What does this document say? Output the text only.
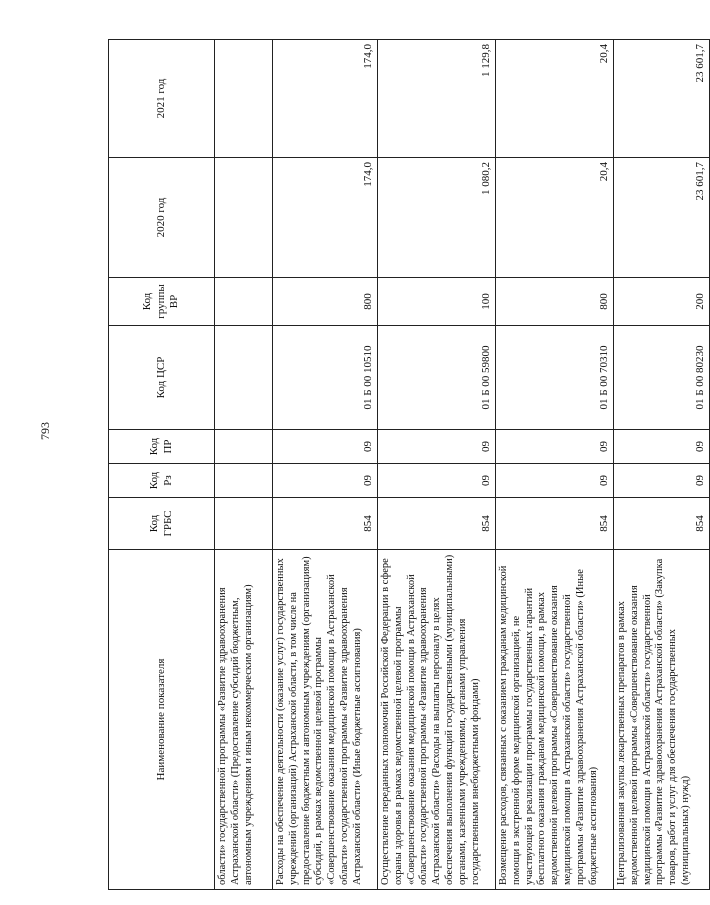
793
Наименование показателя	Код ГРБС	Код Рз	Код ПР	Код ЦСР	Код группы ВР	2020 год	2021 год
области» государственной программы «Развитие здравоохранения Астраханской области» (Предоставление субсидий бюджетным, автономным учреждениям и иным некоммерческим организациям)							
Расходы на обеспечение деятельности (оказание услуг) государственных учреждений (организаций) Астраханской области, в том числе на предоставление бюджетным и автономным учреждениям (организациям) субсидий, в рамках ведомственной целевой программы «Совершенствование оказания медицинской помощи в Астраханской области» государственной программы «Развитие здравоохранения Астраханской области» (Иные бюджетные ассигнования)	854	09	09	01 Б 00 10510	800	174,0	174,0
Осуществление переданных полномочий Российской Федерации в сфере охраны здоровья в рамках ведомственной целевой программы «Совершенствование оказания медицинской помощи в Астраханской области» государственной программы «Развитие здравоохранения Астраханской области» (Расходы на выплаты персоналу в целях обеспечения выполнения функций государственными (муниципальными) органами, казенными учреждениями, органами управления государственными внебюджетными фондами)	854	09	09	01 Б 00 59800	100	1 080,2	1 129,8
Возмещение расходов, связанных с оказанием гражданам медицинской помощи в экстренной форме медицинской организацией, не участвующей в реализации программы государственных гарантий бесплатного оказания гражданам медицинской помощи, в рамках ведомственной целевой программы «Совершенствование оказания медицинской помощи в Астраханской области» государственной программы «Развитие здравоохранения Астраханской области» (Иные бюджетные ассигнования)	854	09	09	01 Б 00 70310	800	20,4	20,4
Централизованная закупка лекарственных препаратов в рамках ведомственной целевой программы «Совершенствование оказания медицинской помощи в Астраханской области» государственной программы «Развитие здравоохранения Астраханской области» (Закупка товаров, работ и услуг для обеспечения государственных (муниципальных) нужд)	854	09	09	01 Б 00 80230	200	23 601,7	23 601,7
